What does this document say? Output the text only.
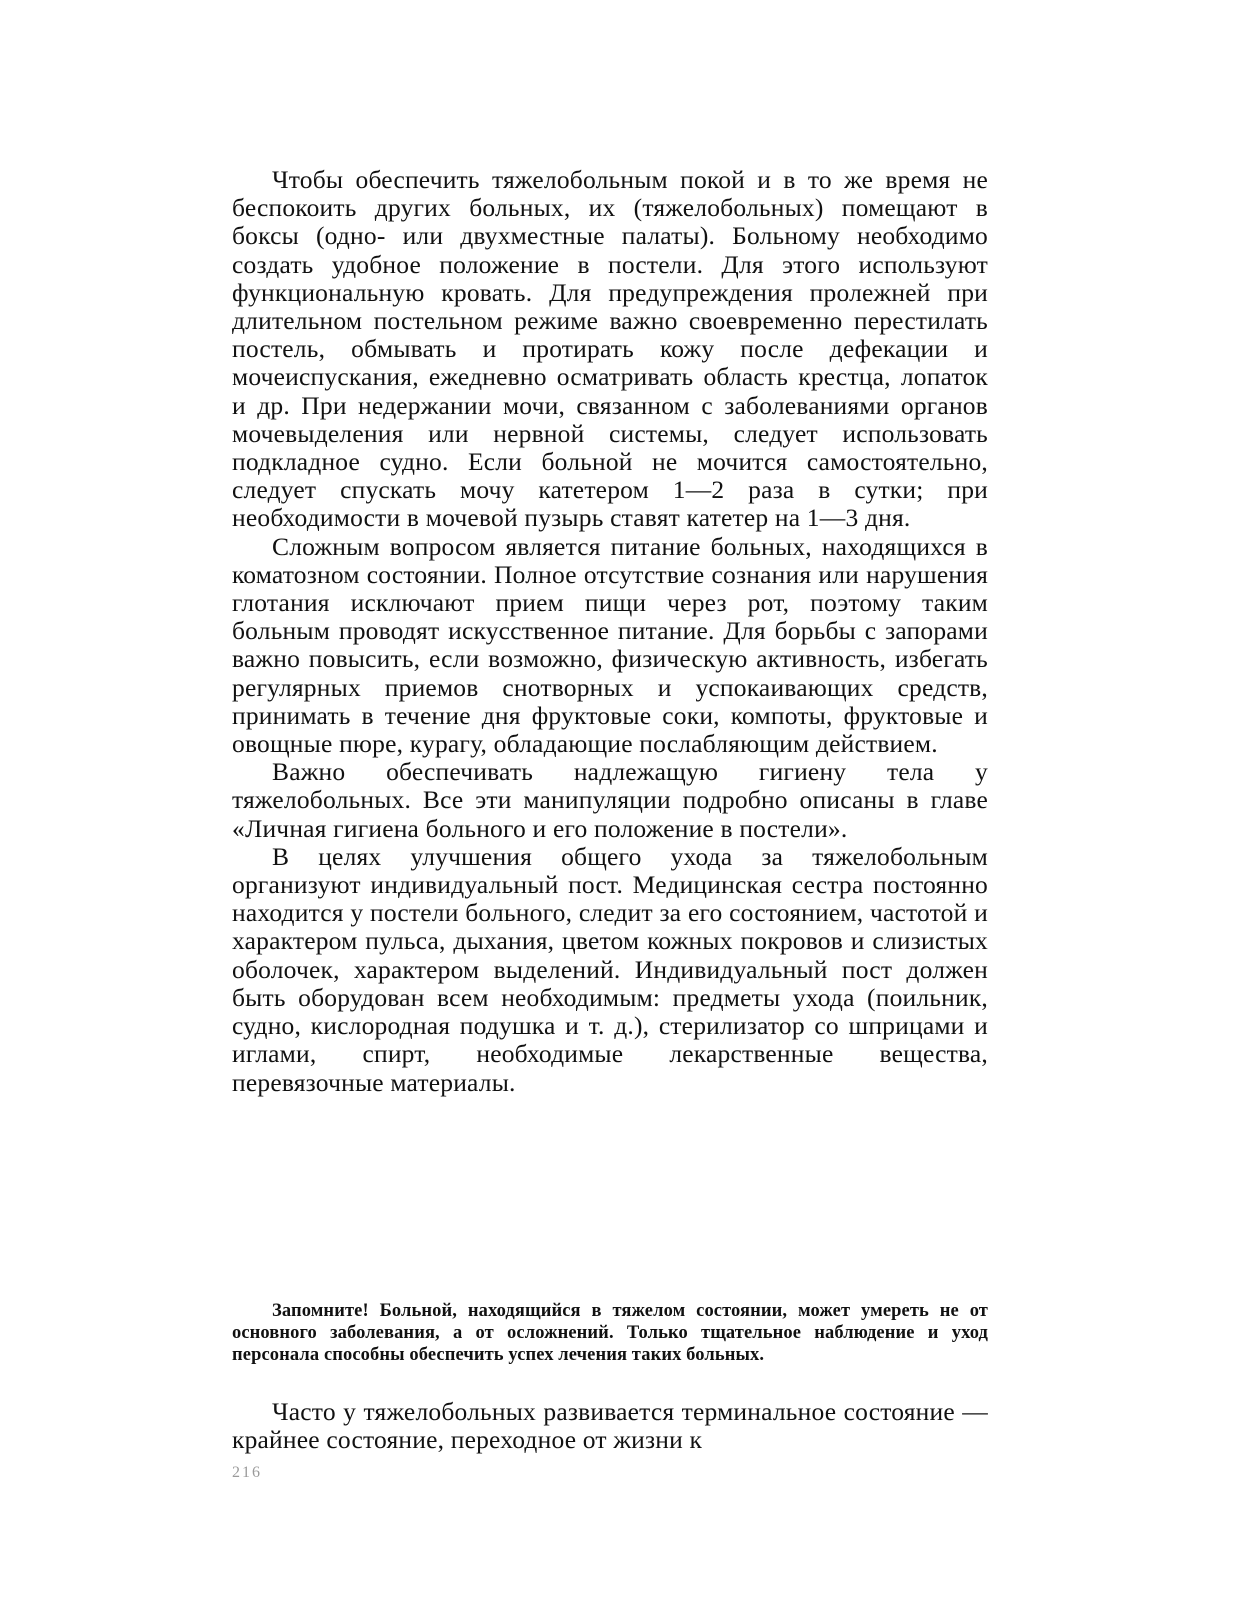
Чтобы обеспечить тяжелобольным покой и в то же время не беспокоить других больных, их (тяжелобольных) помещают в боксы (одно- или двухместные палаты). Больному необходимо создать удобное положение в постели. Для этого используют функциональную кровать. Для предупреждения пролежней при длительном постельном режиме важно своевременно перестилать постель, обмывать и протирать кожу после дефекации и мочеиспускания, ежедневно осматривать область крестца, лопаток и др. При недержании мочи, связанном с заболеваниями органов мочевыделения или нервной системы, следует использовать подкладное судно. Если больной не мочится самостоятельно, следует спускать мочу катетером 1—2 раза в сутки; при необходимости в мочевой пузырь ставят катетер на 1—3 дня.

Сложным вопросом является питание больных, находящихся в коматозном состоянии. Полное отсутствие сознания или нарушения глотания исключают прием пищи через рот, поэтому таким больным проводят искусственное питание. Для борьбы с запорами важно повысить, если возможно, физическую активность, избегать регулярных приемов снотворных и успокаивающих средств, принимать в течение дня фруктовые соки, компоты, фруктовые и овощные пюре, курагу, обладающие послабляющим действием.

Важно обеспечивать надлежащую гигиену тела у тяжелобольных. Все эти манипуляции подробно описаны в главе «Личная гигиена больного и его положение в постели».

В целях улучшения общего ухода за тяжелобольным организуют индивидуальный пост. Медицинская сестра постоянно находится у постели больного, следит за его состоянием, частотой и характером пульса, дыхания, цветом кожных покровов и слизистых оболочек, характером выделений. Индивидуальный пост должен быть оборудован всем необходимым: предметы ухода (поильник, судно, кислородная подушка и т. д.), стерилизатор со шприцами и иглами, спирт, необходимые лекарственные вещества, перевязочные материалы.

Запомните! Больной, находящийся в тяжелом состоянии, может умереть не от основного заболевания, а от осложнений. Только тщательное наблюдение и уход персонала способны обеспечить успех лечения таких больных.

Часто у тяжелобольных развивается терминальное состояние — крайнее состояние, переходное от жизни к

216
